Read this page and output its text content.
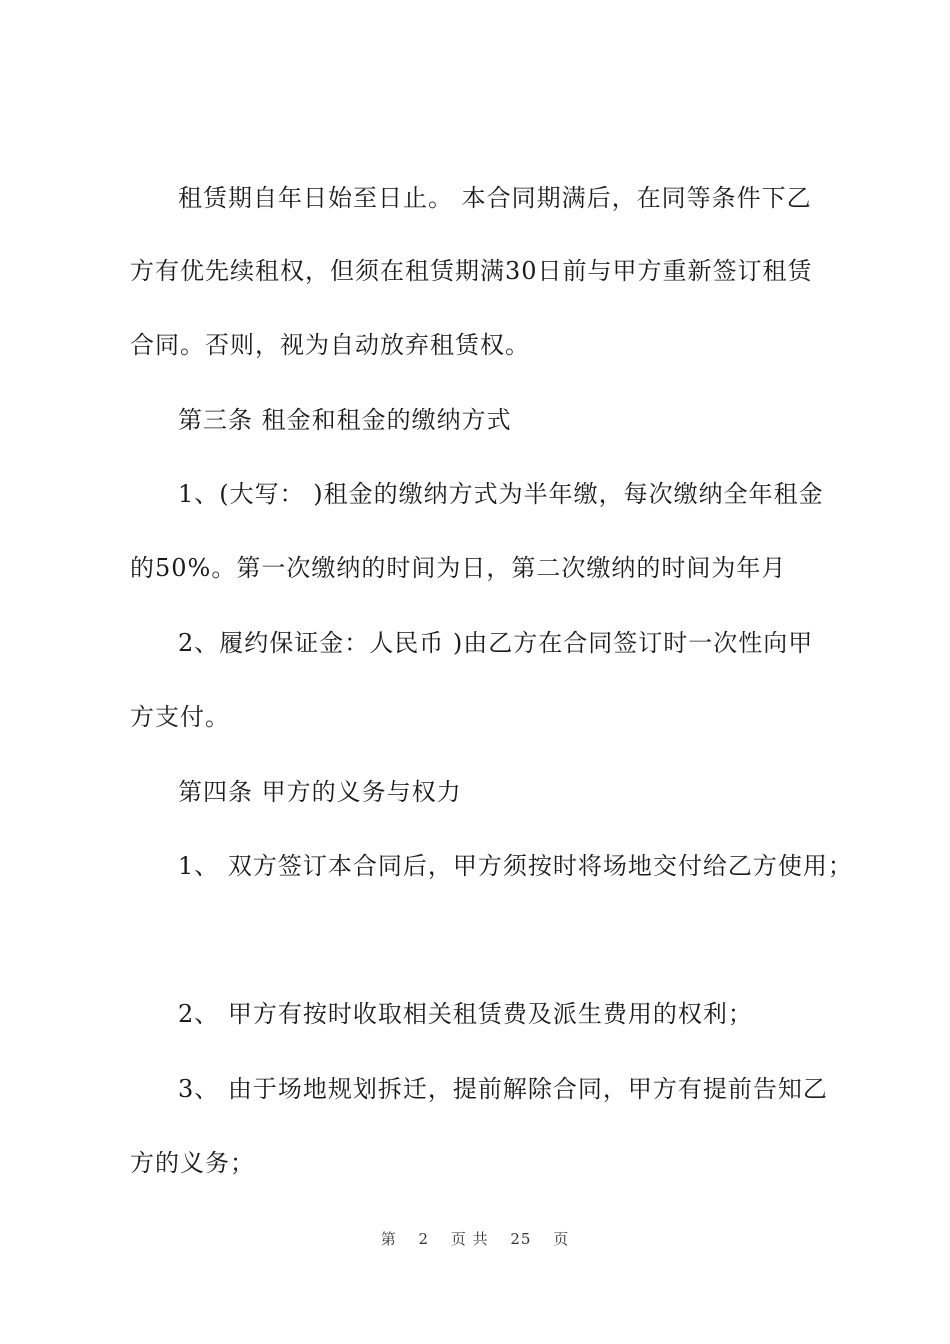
租赁期自年日始至日止。 本合同期满后，在同等条件下乙
方有优先续租权，但须在租赁期满30日前与甲方重新签订租赁
合同。否则，视为自动放弃租赁权。
第三条 租金和租金的缴纳方式
1、(大写： )租金的缴纳方式为半年缴，每次缴纳全年租金
的50%。第一次缴纳的时间为日，第二次缴纳的时间为年月
2、履约保证金：人民币 )由乙方在合同签订时一次性向甲
方支付。
第四条 甲方的义务与权力
1、 双方签订本合同后，甲方须按时将场地交付给乙方使用；
2、 甲方有按时收取相关租赁费及派生费用的权利；
3、 由于场地规划拆迁，提前解除合同，甲方有提前告知乙
方的义务；
第 2 页 共 25 页
